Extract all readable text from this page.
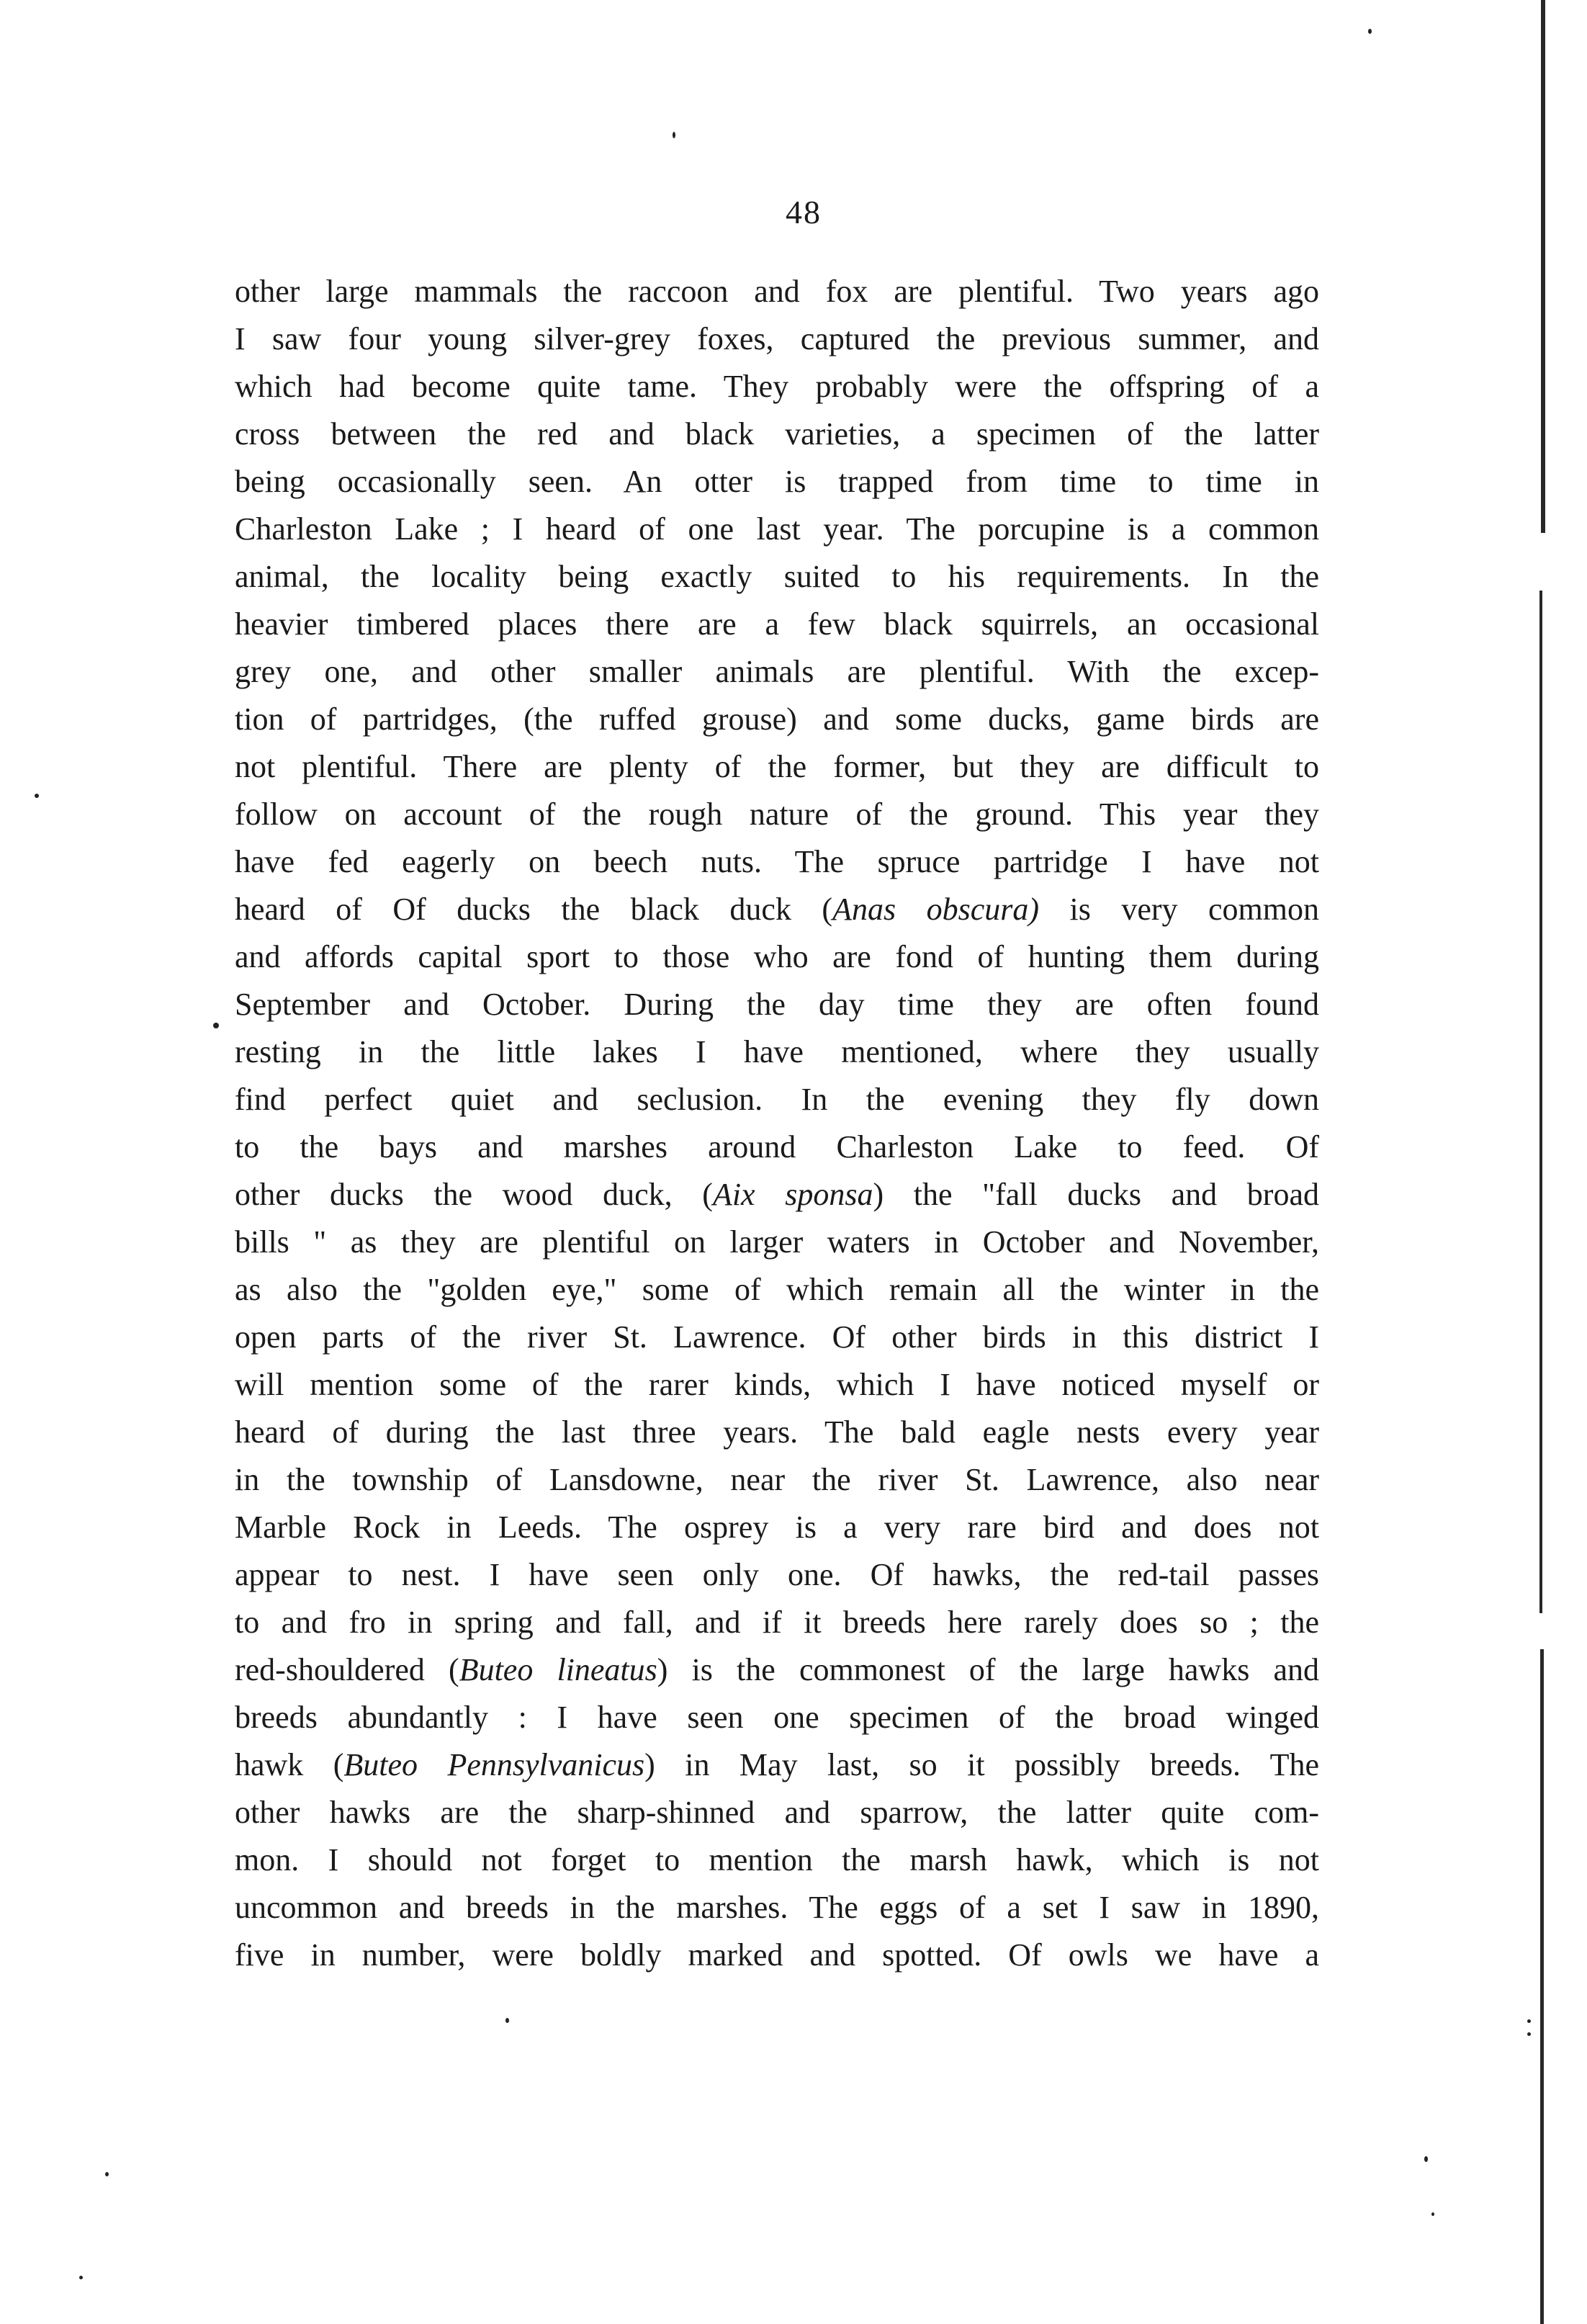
48
other large mammals the raccoon and fox are plentiful. Two years ago
I saw four young silver-grey foxes, captured the previous summer, and
which had become quite tame. They probably were the offspring of a
cross between the red and black varieties, a specimen of the latter
being occasionally seen. An otter is trapped from time to time in
Charleston Lake ; I heard of one last year. The porcupine is a common
animal, the locality being exactly suited to his requirements. In the
heavier timbered places there are a few black squirrels, an occasional
grey one, and other smaller animals are plentiful. With the excep-
tion of partridges, (the ruffed grouse) and some ducks, game birds are
not plentiful. There are plenty of the former, but they are difficult to
follow on account of the rough nature of the ground. This year they
have fed eagerly on beech nuts. The spruce partridge I have not
heard of Of ducks the black duck (Anas obscura) is very common
and affords capital sport to those who are fond of hunting them during
September and October. During the day time they are often found
resting in the little lakes I have mentioned, where they usually
find perfect quiet and seclusion. In the evening they fly down
to the bays and marshes around Charleston Lake to feed. Of
other ducks the wood duck, (Aix sponsa) the "fall ducks and broad
bills " as they are plentiful on larger waters in October and November,
as also the "golden eye," some of which remain all the winter in the
open parts of the river St. Lawrence. Of other birds in this district I
will mention some of the rarer kinds, which I have noticed myself or
heard of during the last three years. The bald eagle nests every year
in the township of Lansdowne, near the river St. Lawrence, also near
Marble Rock in Leeds. The osprey is a very rare bird and does not
appear to nest. I have seen only one. Of hawks, the red-tail passes
to and fro in spring and fall, and if it breeds here rarely does so ; the
red-shouldered (Buteo lineatus) is the commonest of the large hawks and
breeds abundantly : I have seen one specimen of the broad winged
hawk (Buteo Pennsylvanicus) in May last, so it possibly breeds. The
other hawks are the sharp-shinned and sparrow, the latter quite com-
mon. I should not forget to mention the marsh hawk, which is not
uncommon and breeds in the marshes. The eggs of a set I saw in 1890,
five in number, were boldly marked and spotted. Of owls we have a
